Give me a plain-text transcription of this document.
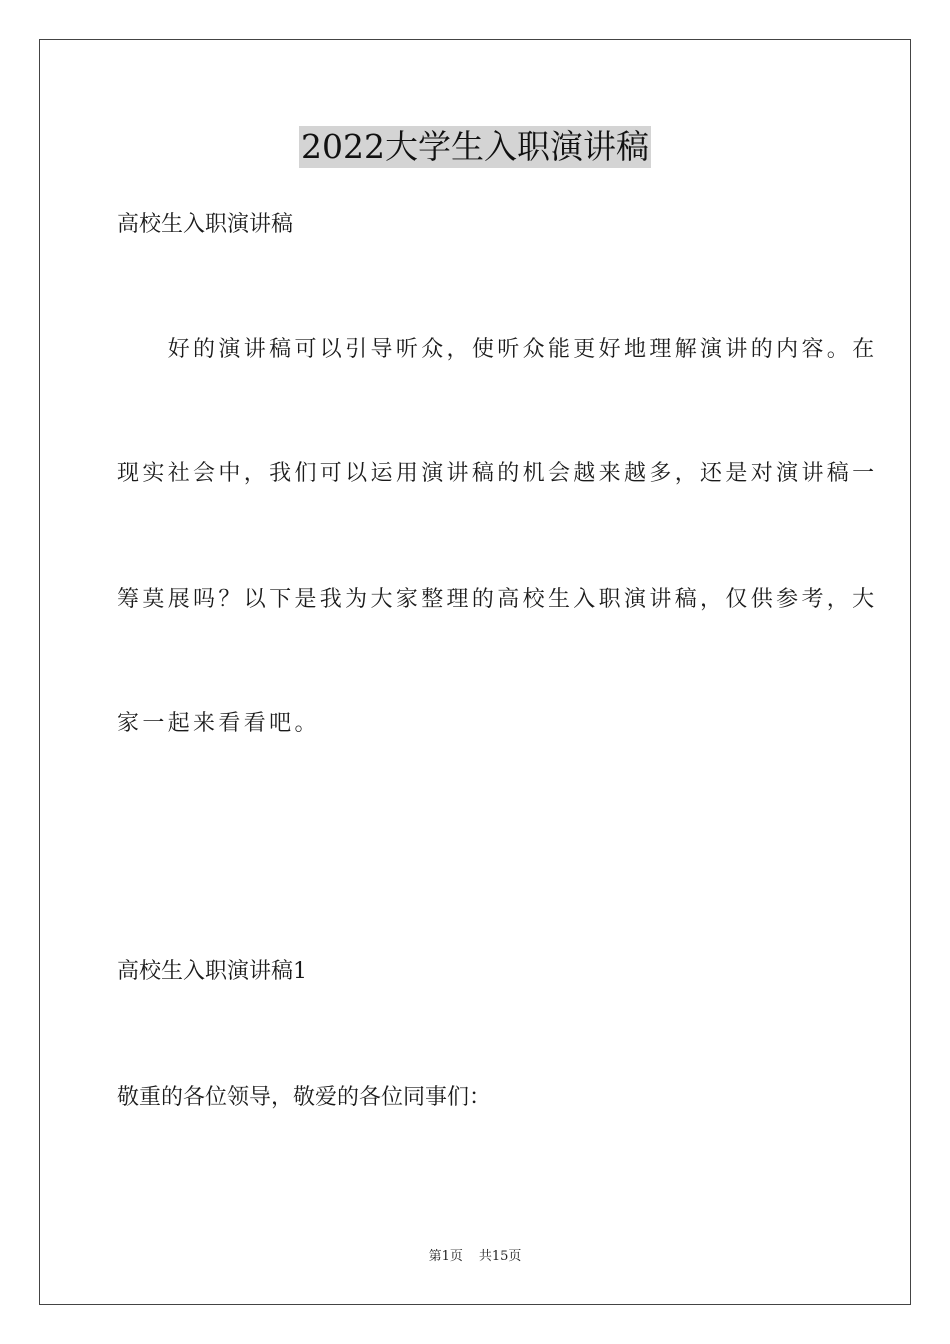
2022大学生入职演讲稿
高校生入职演讲稿
　　好的演讲稿可以引导听众，使听众能更好地理解演讲的内容。在
现实社会中，我们可以运用演讲稿的机会越来越多，还是对演讲稿一
筹莫展吗？以下是我为大家整理的高校生入职演讲稿，仅供参考，大
家一起来看看吧。
高校生入职演讲稿1
敬重的各位领导，敬爱的各位同事们：
第1页 共15页
